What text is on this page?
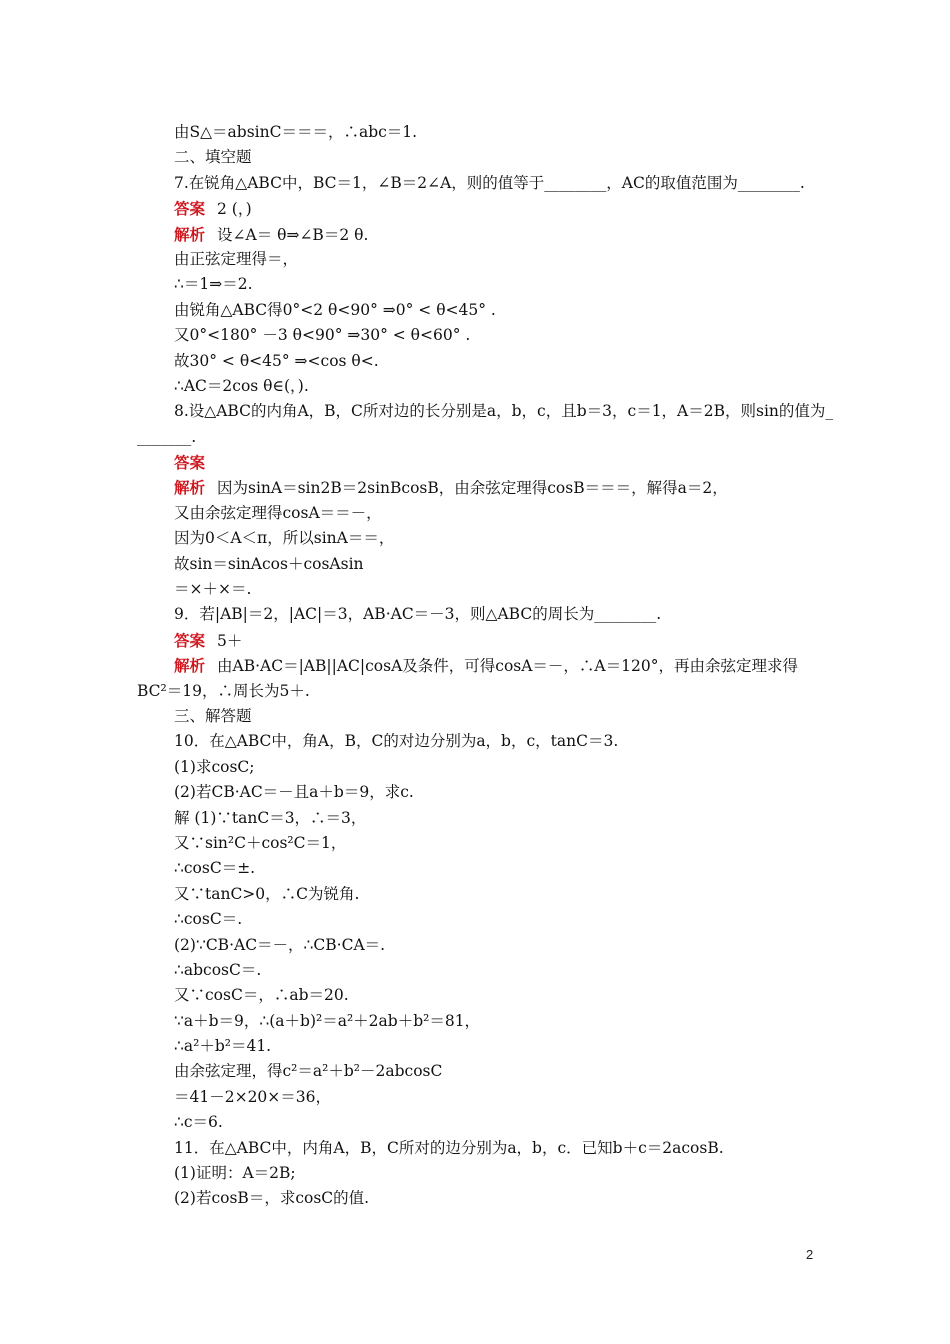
由S△＝absinC＝＝＝，∴abc＝1.
二、填空题
7.在锐角△ABC中，BC＝1，∠B＝2∠A，则的值等于________，AC的取值范围为________.
答案 2 (，)
解析 设∠A＝ θ⇒∠B＝2 θ.
由正弦定理得＝，
∴＝1⇒＝2.
由锐角△ABC得0°<2 θ<90° ⇒0° < θ<45° .
又0°<180° －3 θ<90° ⇒30° < θ<60° .
故30° < θ<45° ⇒<cos θ<.
∴AC＝2cos θ∈(，).
8.设△ABC的内角A，B，C所对边的长分别是a，b，c，且b＝3，c＝1，A＝2B，则sin的值为_
_______.
答案
解析 因为sinA＝sin2B＝2sinBcosB，由余弦定理得cosB＝＝＝，解得a＝2，
又由余弦定理得cosA＝＝－，
因为0＜A＜π，所以sinA＝＝，
故sin＝sinAcos＋cosAsin
＝×＋×＝.
9．若|AB|＝2，|AC|＝3，AB·AC＝－3，则△ABC的周长为________.
答案 5＋
解析 由AB·AC＝|AB||AC|cosA及条件，可得cosA＝－，∴A＝120°，再由余弦定理求得
BC²＝19，∴周长为5＋.
三、解答题
10．在△ABC中，角A，B，C的对边分别为a，b，c，tanC＝3.
(1)求cosC;
(2)若CB·AC＝－且a＋b＝9，求c.
解 (1)∵tanC＝3，∴＝3，
又∵sin²C＋cos²C＝1，
∴cosC＝±.
又∵tanC>0，∴C为锐角.
∴cosC＝.
(2)∵CB·AC＝－，∴CB·CA＝.
∴abcosC＝.
又∵cosC＝，∴ab＝20.
∵a＋b＝9，∴(a＋b)²＝a²＋2ab＋b²＝81，
∴a²＋b²＝41.
由余弦定理，得c²＝a²＋b²－2abcosC
＝41－2×20×＝36，
∴c＝6.
11．在△ABC中，内角A，B，C所对的边分别为a，b，c．已知b＋c＝2acosB.
(1)证明：A＝2B;
(2)若cosB＝，求cosC的值.
2
